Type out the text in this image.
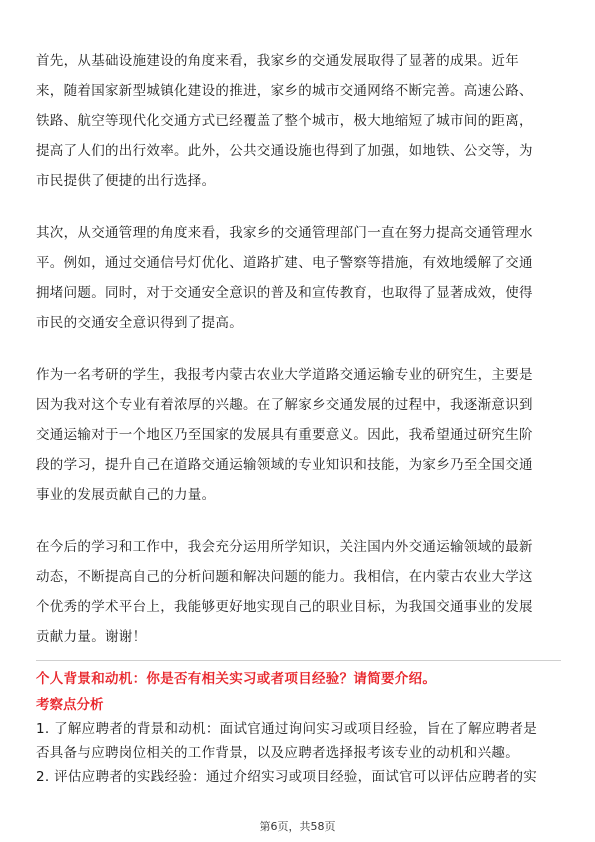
首先，从基础设施建设的角度来看，我家乡的交通发展取得了显著的成果。近年

来，随着国家新型城镇化建设的推进，家乡的城市交通网络不断完善。高速公路、

铁路、航空等现代化交通方式已经覆盖了整个城市，极大地缩短了城市间的距离，

提高了人们的出行效率。此外，公共交通设施也得到了加强，如地铁、公交等，为

市民提供了便捷的出行选择。

其次，从交通管理的角度来看，我家乡的交通管理部门一直在努力提高交通管理水

平。例如，通过交通信号灯优化、道路扩建、电子警察等措施，有效地缓解了交通

拥堵问题。同时，对于交通安全意识的普及和宣传教育，也取得了显著成效，使得

市民的交通安全意识得到了提高。

作为一名考研的学生，我报考内蒙古农业大学道路交通运输专业的研究生，主要是

因为我对这个专业有着浓厚的兴趣。在了解家乡交通发展的过程中，我逐渐意识到

交通运输对于一个地区乃至国家的发展具有重要意义。因此，我希望通过研究生阶

段的学习，提升自己在道路交通运输领域的专业知识和技能，为家乡乃至全国交通

事业的发展贡献自己的力量。

在今后的学习和工作中，我会充分运用所学知识，关注国内外交通运输领域的最新

动态，不断提高自己的分析问题和解决问题的能力。我相信，在内蒙古农业大学这

个优秀的学术平台上，我能够更好地实现自己的职业目标，为我国交通事业的发展

贡献力量。谢谢！

个人背景和动机：你是否有相关实习或者项目经验？请简要介绍。

考察点分析

1. 了解应聘者的背景和动机：面试官通过询问实习或项目经验，旨在了解应聘者是

否具备与应聘岗位相关的工作背景，以及应聘者选择报考该专业的动机和兴趣。

2. 评估应聘者的实践经验：通过介绍实习或项目经验，面试官可以评估应聘者的实

第6页，共58页
